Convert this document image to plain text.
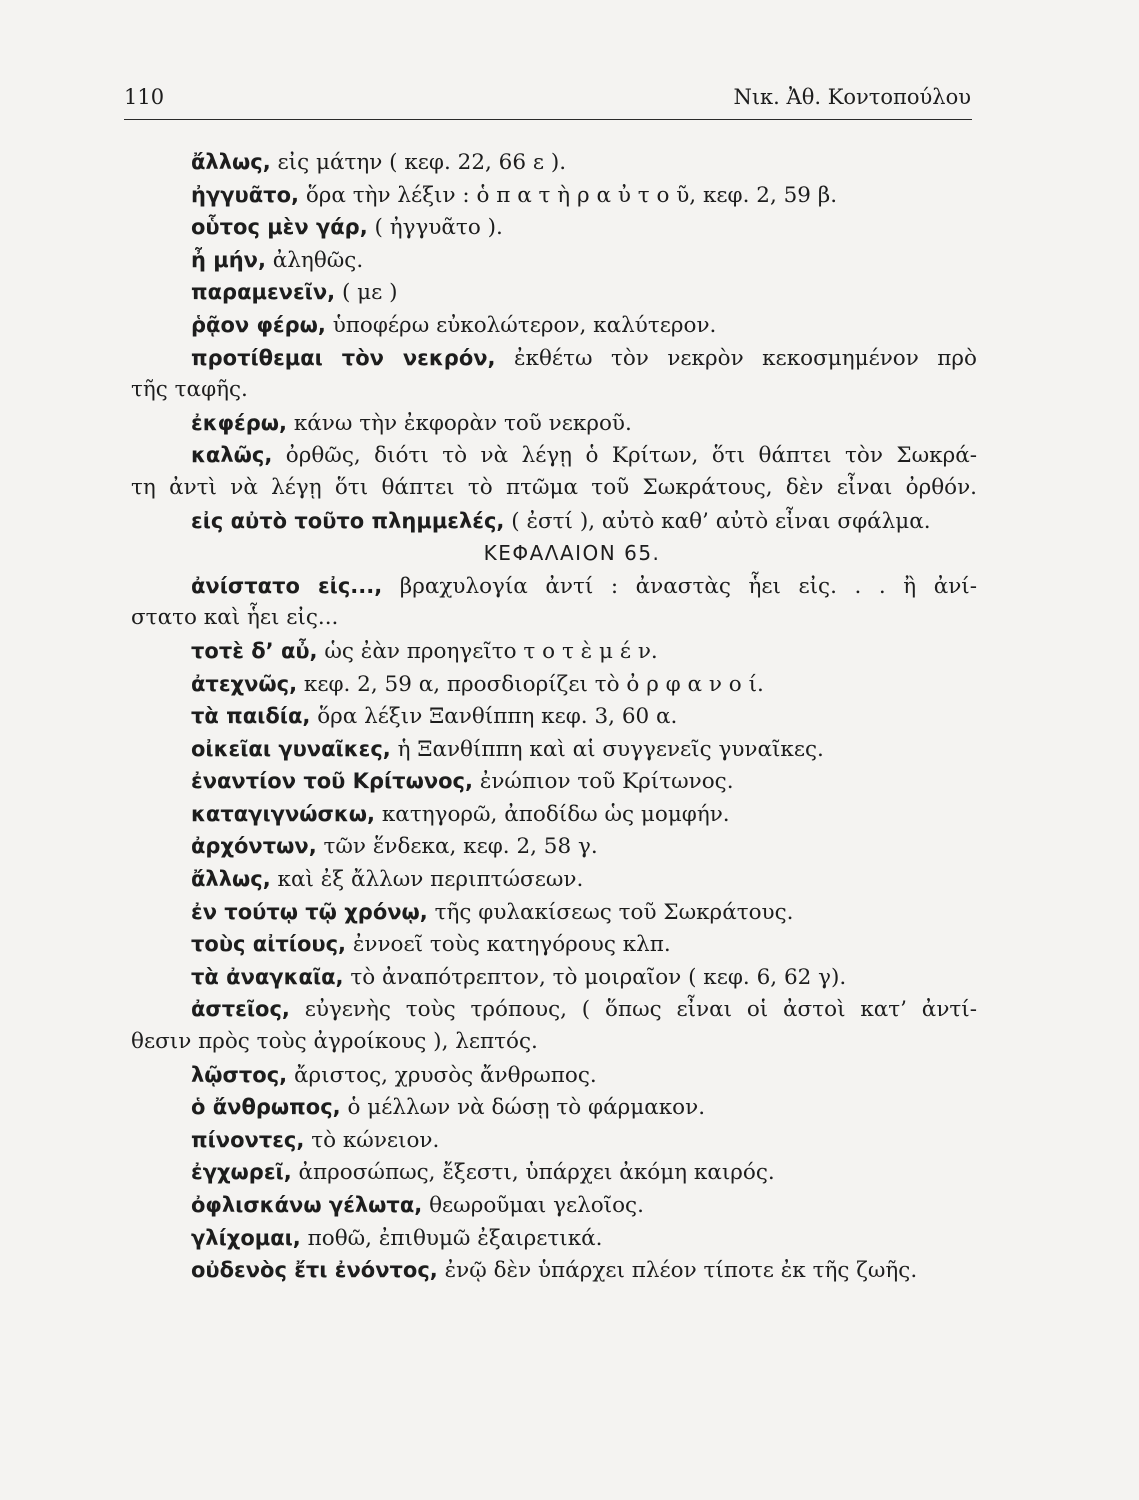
110	Νικ. Ἀθ. Κοντοπούλου
ἄλλως, εἰς μάτην ( κεφ. 22, 66 ε ).
ἠγγυᾶτο, ὅρα τὴν λέξιν : ὁ π α τ ὴ ρ α ὐ τ ο ῦ, κεφ. 2, 59 β.
οὗτος μὲν γάρ, ( ἠγγυᾶτο ).
ἦ μήν, ἀληθῶς.
παραμενεῖν, ( με )
ῥᾷον φέρω, ὑποφέρω εὐκολώτερον, καλύτερον.
προτίθεμαι τὸν νεκρόν, ἐκθέτω τὸν νεκρὸν κεκοσμημένον πρὸ
τῆς ταφῆς.
ἐκφέρω, κάνω τὴν ἐκφορὰν τοῦ νεκροῦ.
καλῶς, ὀρθῶς, διότι τὸ νὰ λέγῃ ὁ Κρίτων, ὅτι θάπτει τὸν Σωκρά-
τη ἀντὶ νὰ λέγῃ ὅτι θάπτει τὸ πτῶμα τοῦ Σωκράτους, δὲν εἶναι ὀρθόν.
εἰς αὐτὸ τοῦτο πλημμελές, ( ἐστί ), αὐτὸ καθ’ αὐτὸ εἶναι σφάλμα.
ΚΕΦΑΛΑΙΟΝ 65.
ἀνίστατο εἰς..., βραχυλογία ἀντί : ἀναστὰς ἧει εἰς. . . ἢ ἀνί-
στατο καὶ ἧει εἰς...
τοτὲ δ’ αὖ, ὡς ἐὰν προηγεῖτο τ ο τ ὲ μ έ ν.
ἀτεχνῶς, κεφ. 2, 59 α, προσδιορίζει τὸ ὀ ρ φ α ν ο ί.
τὰ παιδία, ὅρα λέξιν Ξανθίππη κεφ. 3, 60 α.
οἰκεῖαι γυναῖκες, ἡ Ξανθίππη καὶ αἱ συγγενεῖς γυναῖκες.
ἐναντίον τοῦ Κρίτωνος, ἐνώπιον τοῦ Κρίτωνος.
καταγιγνώσκω, κατηγορῶ, ἀποδίδω ὡς μομφήν.
ἀρχόντων, τῶν ἕνδεκα, κεφ. 2, 58 γ.
ἄλλως, καὶ ἐξ ἄλλων περιπτώσεων.
ἐν τούτῳ τῷ χρόνῳ, τῆς φυλακίσεως τοῦ Σωκράτους.
τοὺς αἰτίους, ἐννοεῖ τοὺς κατηγόρους κλπ.
τὰ ἀναγκαῖα, τὸ ἀναπότρεπτον, τὸ μοιραῖον ( κεφ. 6, 62 γ).
ἀστεῖος, εὐγενὴς τοὺς τρόπους, ( ὅπως εἶναι οἱ ἀστοὶ κατ’ ἀντί-
θεσιν πρὸς τοὺς ἀγροίκους ), λεπτός.
λῷστος, ἄριστος, χρυσὸς ἄνθρωπος.
ὁ ἄνθρωπος, ὁ μέλλων νὰ δώσῃ τὸ φάρμακον.
πίνοντες, τὸ κώνειον.
ἐγχωρεῖ, ἀπροσώπως, ἔξεστι, ὑπάρχει ἀκόμη καιρός.
ὀφλισκάνω γέλωτα, θεωροῦμαι γελοῖος.
γλίχομαι, ποθῶ, ἐπιθυμῶ ἐξαιρετικά.
οὐδενὸς ἔτι ἐνόντος, ἐνῷ δὲν ὑπάρχει πλέον τίποτε ἐκ τῆς ζωῆς.
